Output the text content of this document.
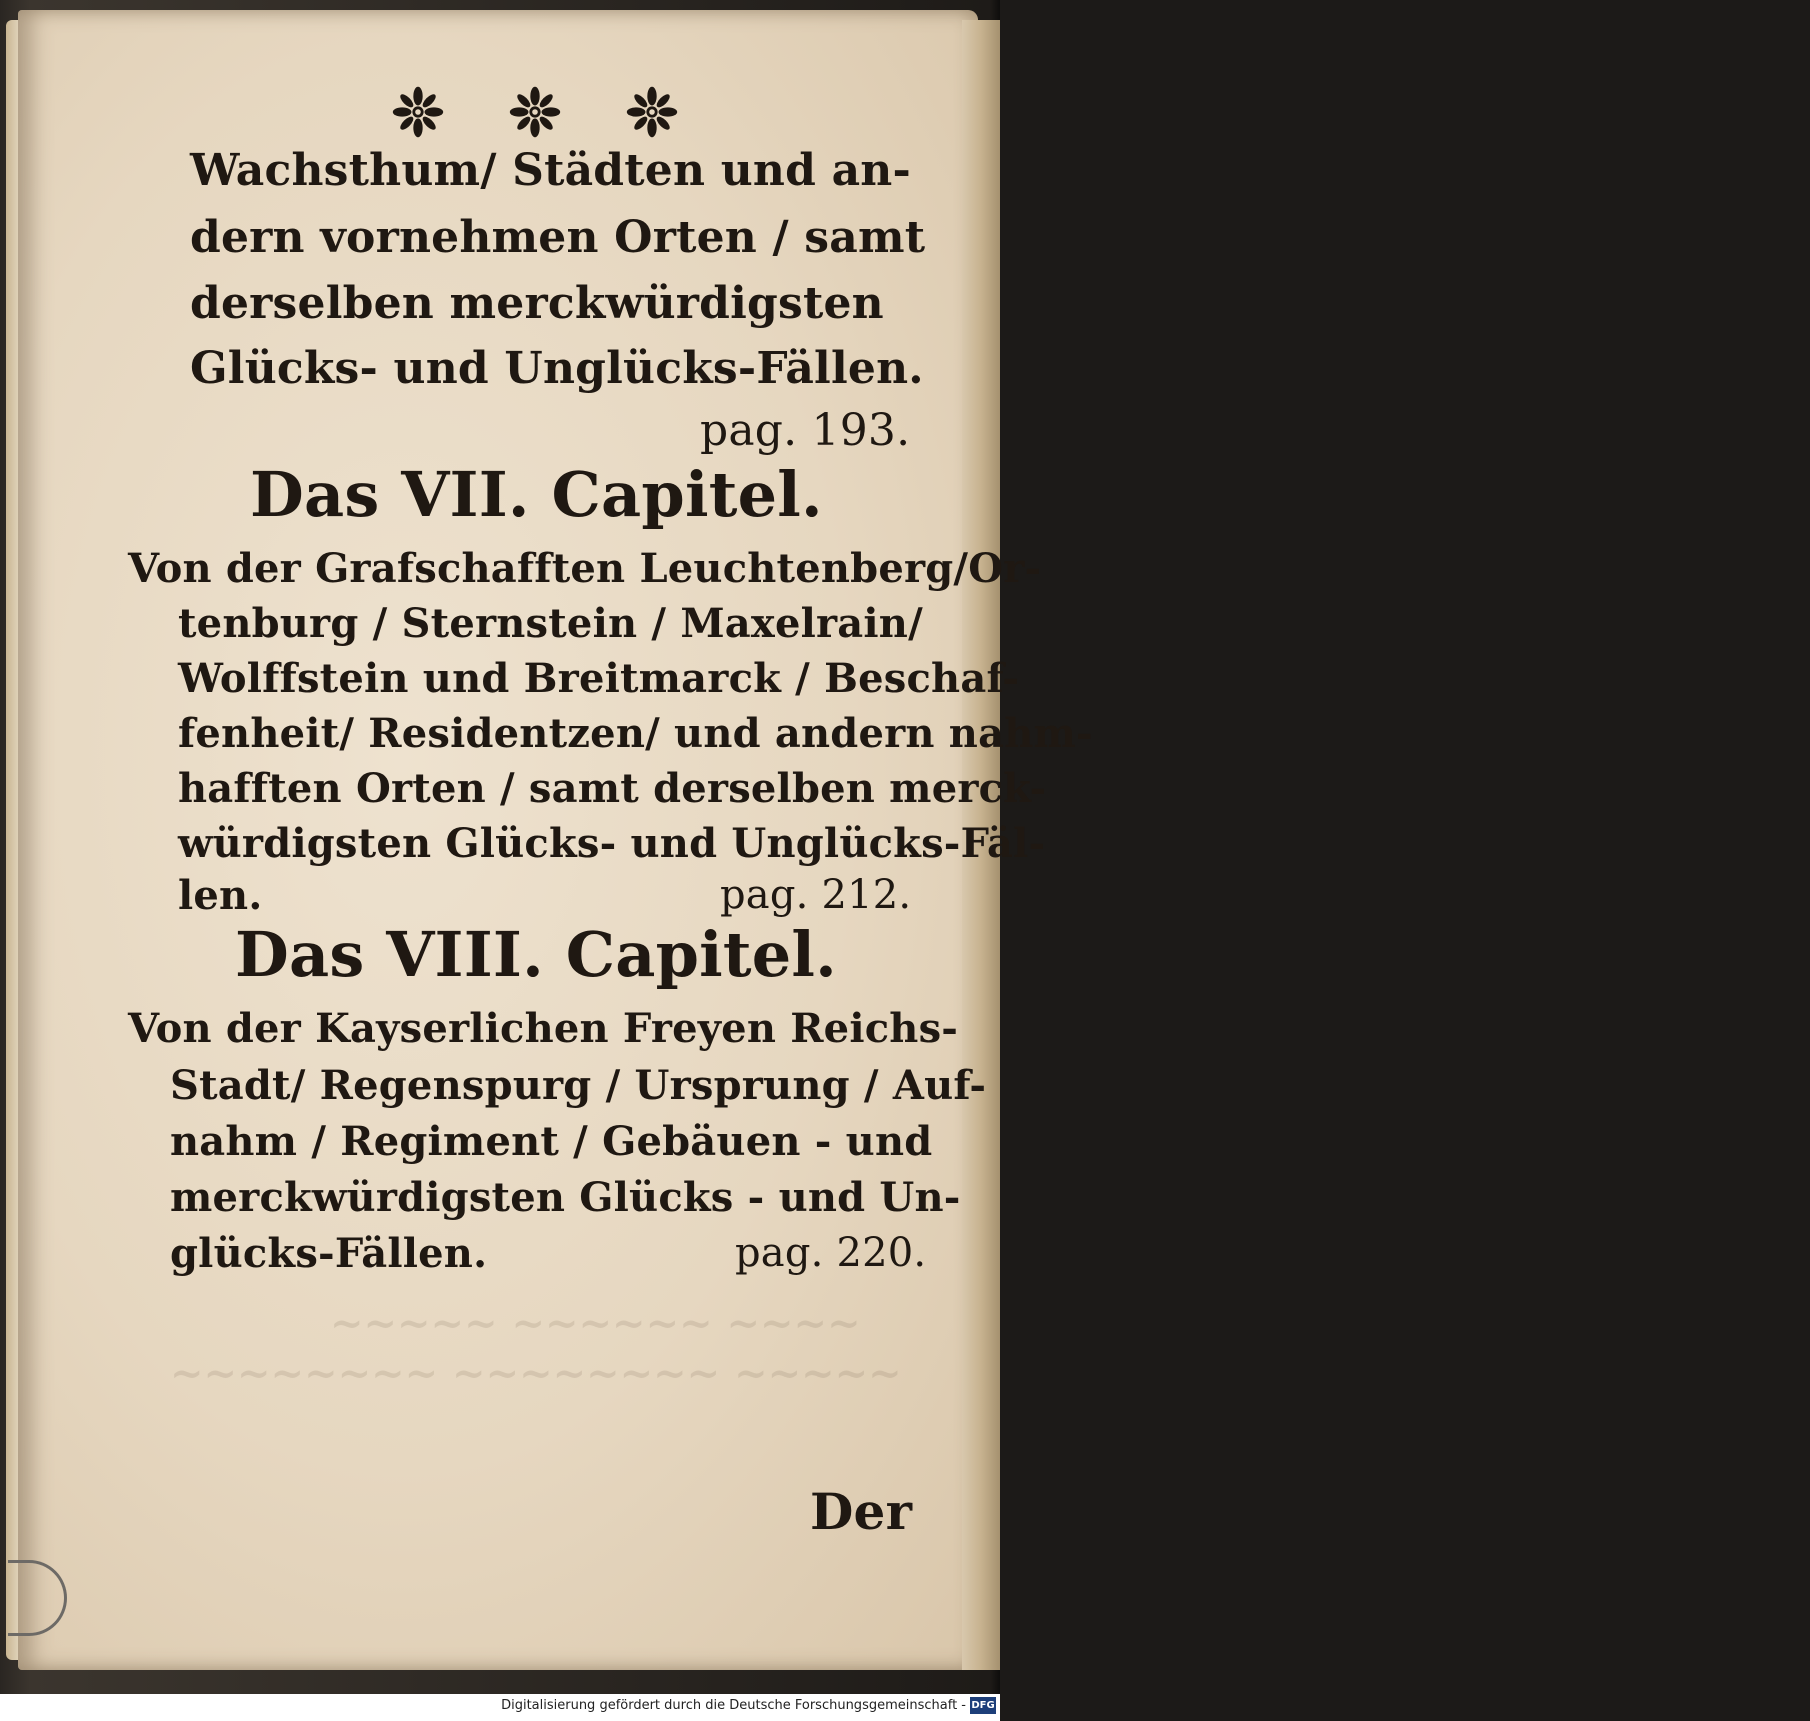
~~~~~ ~~~~~~ ~~~~
~~~~~~~~ ~~~~~~~~ ~~~~~
Wachsthum/ Städten und an-
dern vornehmen Orten / samt
derselben merckwürdigsten
Glücks- und Unglücks-Fällen.
pag. 193.
Das VII. Capitel.
Von der Grafschafften Leuchtenberg/Or-
tenburg / Sternstein / Maxelrain/
Wolffstein und Breitmarck / Beschaf-
fenheit/ Residentzen/ und andern nahm-
hafften Orten / samt derselben merck-
würdigsten Glücks- und Unglücks-Fäl-
len.	pag. 212.
Das VIII. Capitel.
Von der Kayserlichen Freyen Reichs-
Stadt/ Regenspurg / Ursprung / Auf-
nahm / Regiment / Gebäuen - und
merckwürdigsten Glücks - und Un-
glücks-Fällen.	pag. 220.
Der
Digitalisierung gefördert durch die Deutsche Forschungsgemeinschaft - DFG
